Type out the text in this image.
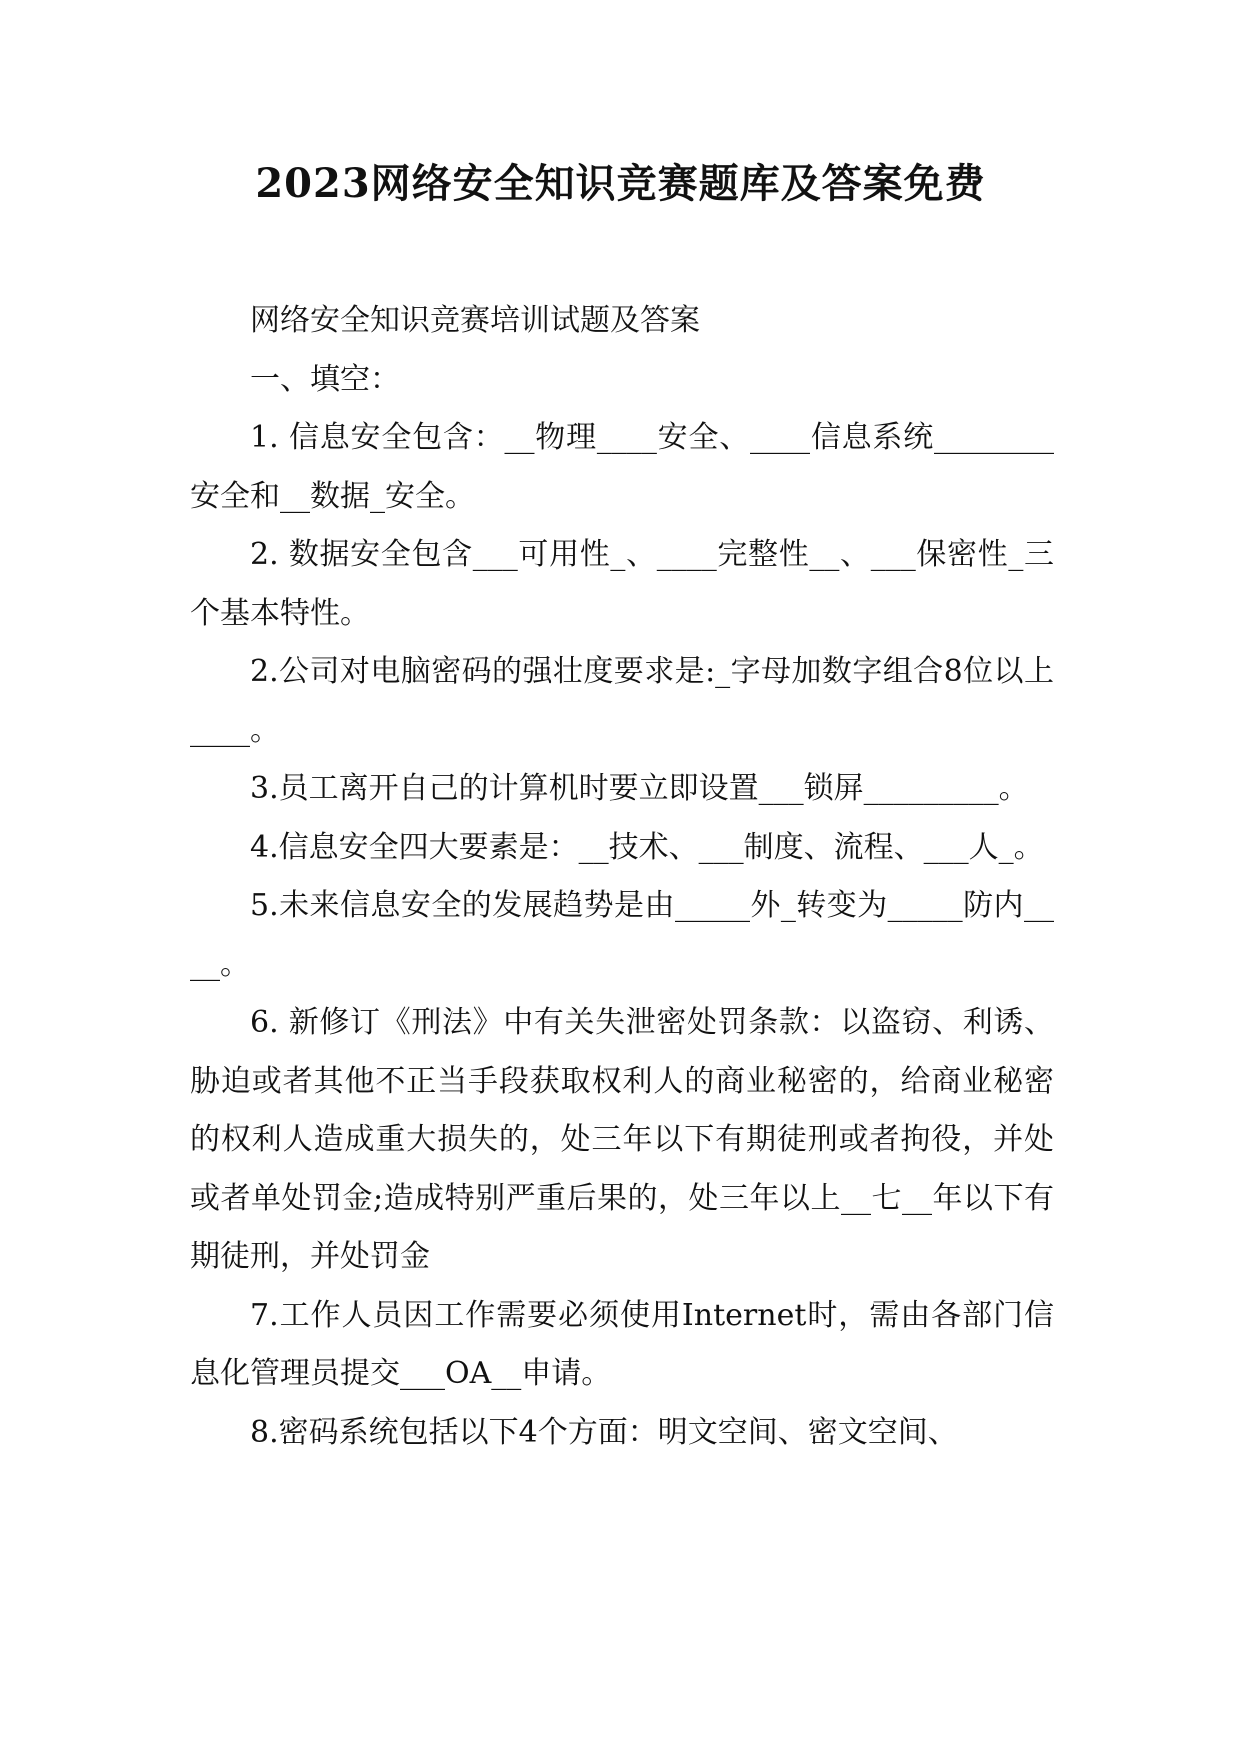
2023网络安全知识竞赛题库及答案免费

网络安全知识竞赛培训试题及答案

一、填空：

1. 信息安全包含：__物理____安全、____信息系统________安全和__数据_安全。

2. 数据安全包含___可用性_、____完整性__、___保密性_三个基本特性。

2.公司对电脑密码的强壮度要求是:_字母加数字组合8位以上____。

3.员工离开自己的计算机时要立即设置___锁屏_________。

4.信息安全四大要素是：__技术、___制度、流程、___人_。

5.未来信息安全的发展趋势是由_____外_转变为_____防内____。

6. 新修订《刑法》中有关失泄密处罚条款：以盗窃、利诱、胁迫或者其他不正当手段获取权利人的商业秘密的，给商业秘密的权利人造成重大损失的，处三年以下有期徒刑或者拘役，并处或者单处罚金;造成特别严重后果的，处三年以上__七__年以下有期徒刑，并处罚金

7.工作人员因工作需要必须使用Internet时，需由各部门信息化管理员提交___OA__申请。

8.密码系统包括以下4个方面：明文空间、密文空间、
